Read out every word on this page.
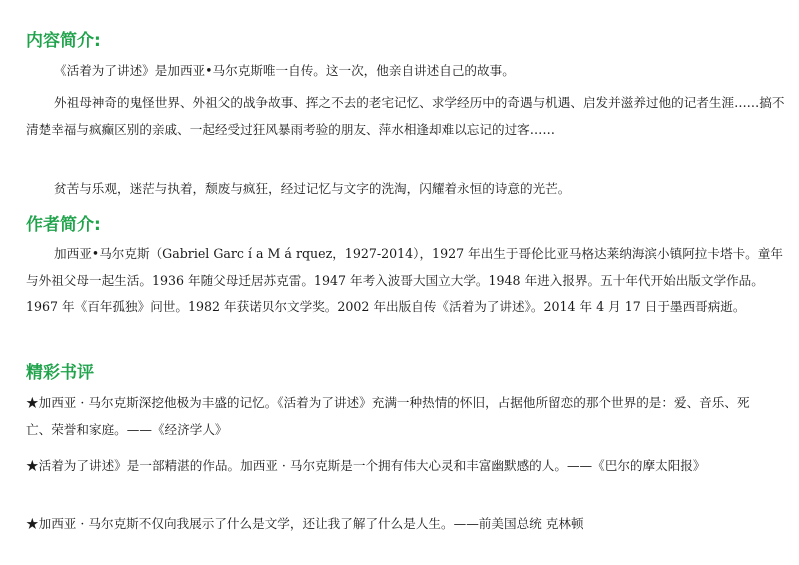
内容简介:

《活着为了讲述》是加西亚•马尔克斯唯一自传。这一次，他亲自讲述自己的故事。

外祖母神奇的鬼怪世界、外祖父的战争故事、挥之不去的老宅记忆、求学经历中的奇遇与机遇、启发并滋养过他的记者生涯……搞不清楚幸福与疯癫区别的亲戚、一起经受过狂风暴雨考验的朋友、萍水相逢却难以忘记的过客……

贫苦与乐观，迷茫与执着，颓废与疯狂，经过记忆与文字的洗淘，闪耀着永恒的诗意的光芒。

作者简介:

加西亚•马尔克斯（Gabriel Garc í a M á rquez，1927-2014），1927 年出生于哥伦比亚马格达莱纳海滨小镇阿拉卡塔卡。童年与外祖父母一起生活。1936 年随父母迁居苏克雷。1947 年考入波哥大国立大学。1948 年进入报界。五十年代开始出版文学作品。1967 年《百年孤独》问世。1982 年获诺贝尔文学奖。2002 年出版自传《活着为了讲述》。2014 年 4 月 17 日于墨西哥病逝。

精彩书评

★加西亚 · 马尔克斯深挖他极为丰盛的记忆。《活着为了讲述》充满一种热情的怀旧，占据他所留恋的那个世界的是：爱、音乐、死亡、荣誉和家庭。——《经济学人》

★活着为了讲述》是一部精湛的作品。加西亚 · 马尔克斯是一个拥有伟大心灵和丰富幽默感的人。——《巴尔的摩太阳报》

★加西亚 · 马尔克斯不仅向我展示了什么是文学，还让我了解了什么是人生。——前美国总统 克林顿
